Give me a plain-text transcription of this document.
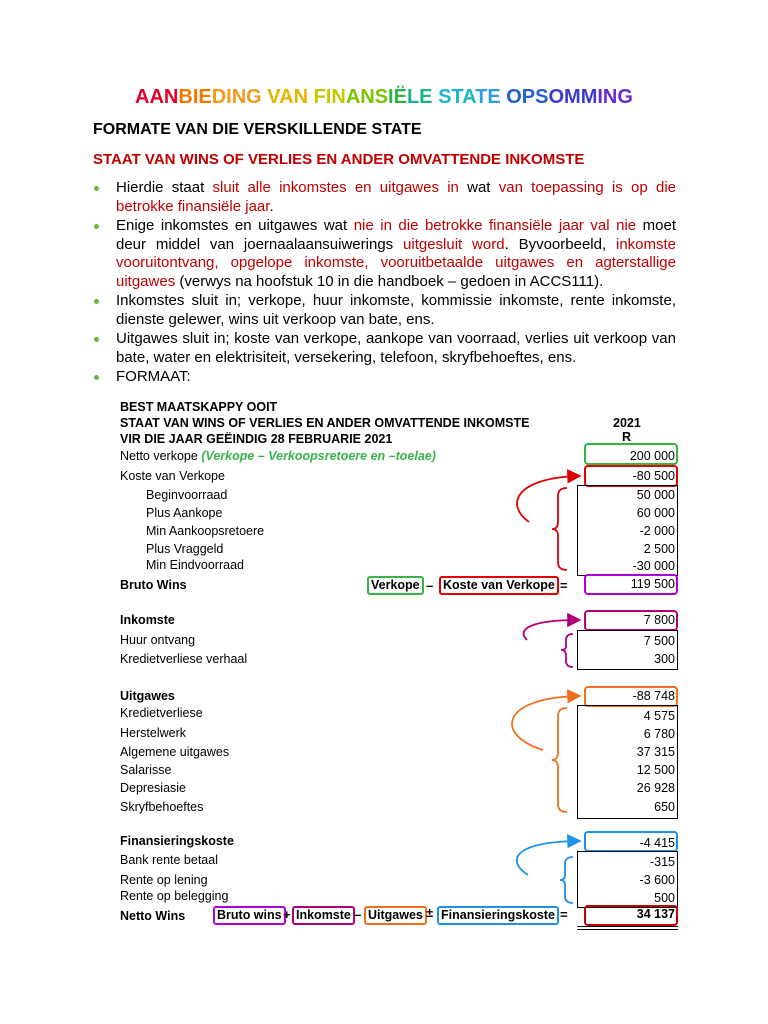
AANBIEDING VAN FINANSIËLE STATE OPSOMMING
FORMATE VAN DIE VERSKILLENDE STATE
STAAT VAN WINS OF VERLIES EN ANDER OMVATTENDE INKOMSTE
Hierdie staat sluit alle inkomstes en uitgawes in wat van toepassing is op die betrokke finansiële jaar.
Enige inkomstes en uitgawes wat nie in die betrokke finansiële jaar val nie moet deur middel van joernaalaansuiwerings uitgesluit word. Byvoorbeeld, inkomste vooruitontvang, opgelope inkomste, vooruitbetaalde uitgawes en agterstallige uitgawes (verwys na hoofstuk 10 in die handboek – gedoen in ACCS111).
Inkomstes sluit in; verkope, huur inkomste, kommissie inkomste, rente inkomste, dienste gelewer, wins uit verkoop van bate, ens.
Uitgawes sluit in; koste van verkope, aankope van voorraad, verlies uit verkoop van bate, water en elektrisiteit, versekering, telefoon, skryfbehoeftes, ens.
FORMAAT:
BEST MAATSKAPPY OOIT
STAAT VAN WINS OF VERLIES EN ANDER OMVATTENDE INKOMSTE
VIR DIE JAAR GEËINDIG 28 FEBRUARIE 2021
2021
R
Netto verkope (Verkope – Verkoopsretoere en –toelae)	200 000
Koste van Verkope	-80 500
Beginvoorraad	50 000
Plus Aankope	60 000
Min Aankoopsretoere	-2 000
Plus Vraggeld	2 500
Min Eindvoorraad	-30 000
Bruto Wins	Verkope – Koste van Verkope =	119 500
Inkomste	7 800
Huur ontvang	7 500
Kredietverliese verhaal	300
Uitgawes	-88 748
Kredietverliese	4 575
Herstelwerk	6 780
Algemene uitgawes	37 315
Salarisse	12 500
Depresiasie	26 928
Skryfbehoeftes	650
Finansieringskoste	-4 415
Bank rente betaal	-315
Rente op lening	-3 600
Rente op belegging	500
Netto Wins	Bruto wins + Inkomste – Uitgawes ± Finansieringskoste =	34 137
